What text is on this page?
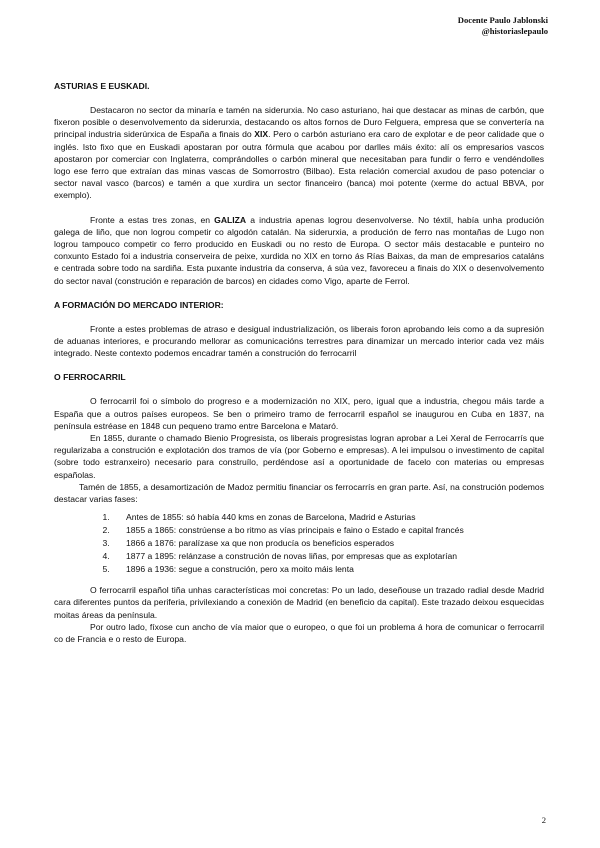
Docente Paulo Jablonski
@historiaslepaulo
ASTURIAS E EUSKADI.

Destacaron no sector da minaría e tamén na siderurxia. No caso asturiano, hai que destacar as minas de carbón, que fixeron posible o desenvolvemento da siderurxia, destacando os altos fornos de Duro Felguera, empresa que se convertería na principal industria siderúrxica de España a finais do XIX. Pero o carbón asturiano era caro de explotar e de peor calidade que o inglés. Isto fixo que en Euskadi apostaran por outra fórmula que acabou por darlles máis éxito: alí os empresarios vascos apostaron por comerciar con Inglaterra, comprándolles o carbón mineral que necesitaban para fundir o ferro e vendéndolles logo ese ferro que extraían das minas vascas de Somorrostro (Bilbao). Esta relación comercial axudou de paso potenciar o sector naval vasco (barcos) e tamén a que xurdira un sector financeiro (banca) moi potente (xerme do actual BBVA, por exemplo).

Fronte a estas tres zonas, en GALIZA a industria apenas logrou desenvolverse. No téxtil, había unha produción galega de liño, que non logrou competir co algodón catalán. Na siderurxia, a produción de ferro nas montañas de Lugo non logrou tampouco competir co ferro producido en Euskadi ou no resto de Europa. O sector máis destacable e punteiro no conxunto Estado foi a industria conserveira de peixe, xurdida no XIX en torno ás Rías Baixas, da man de empresarios cataláns e centrada sobre todo na sardiña. Esta puxante industria da conserva, á súa vez, favoreceu a finais do XIX o desenvolvemento do sector naval (construción e reparación de barcos) en cidades como Vigo, aparte de Ferrol.

A FORMACIÓN DO MERCADO INTERIOR:

Fronte a estes problemas de atraso e desigual industrialización, os liberais foron aprobando leis como a da supresión de aduanas interiores, e procurando mellorar as comunicacións terrestres para dinamizar un mercado interior cada vez máis integrado. Neste contexto podemos encadrar tamén a construción do ferrocarril

O FERROCARRIL

O ferrocarril foi o símbolo do progreso e a modernización no XIX, pero, igual que a industria, chegou máis tarde a España que a outros países europeos. Se ben o primeiro tramo de ferrocarril español se inaugurou en Cuba en 1837, na península estréase en 1848 cun pequeno tramo entre Barcelona e Mataró.

En 1855, durante o chamado Bienio Progresista, os liberais progresistas logran aprobar a Lei Xeral de Ferrocarrís que regularizaba a construción e explotación dos tramos de vía (por Goberno e empresas). A lei impulsou o investimento de capital (sobre todo estranxeiro) necesario para construílo, perdéndose así a oportunidade de facelo con materias ou empresas españolas.

Tamén de 1855, a desamortización de Madoz permitiu financiar os ferrocarrís en gran parte. Así, na construción podemos destacar varias fases:

1. Antes de 1855: só había 440 kms en zonas de Barcelona, Madrid e Asturias
2. 1855 a 1865: constrúense a bo ritmo as vías principais e faino o Estado e capital francés
3. 1866 a 1876: paralízase xa que non producía os beneficios esperados
4. 1877 a 1895: relánzase a construción de novas liñas, por empresas que as explotarían
5. 1896 a 1936: segue a construción, pero xa moito máis lenta

O ferrocarril español tiña unhas características moi concretas: Po un lado, deseñouse un trazado radial desde Madrid cara diferentes puntos da periferia, privilexiando a conexión de Madrid (en beneficio da capital). Este trazado deixou esquecidas moitas áreas da península.

Por outro lado, fíxose cun ancho de vía maior que o europeo, o que foi un problema á hora de comunicar o ferrocarril co de Francia e o resto de Europa.

2
